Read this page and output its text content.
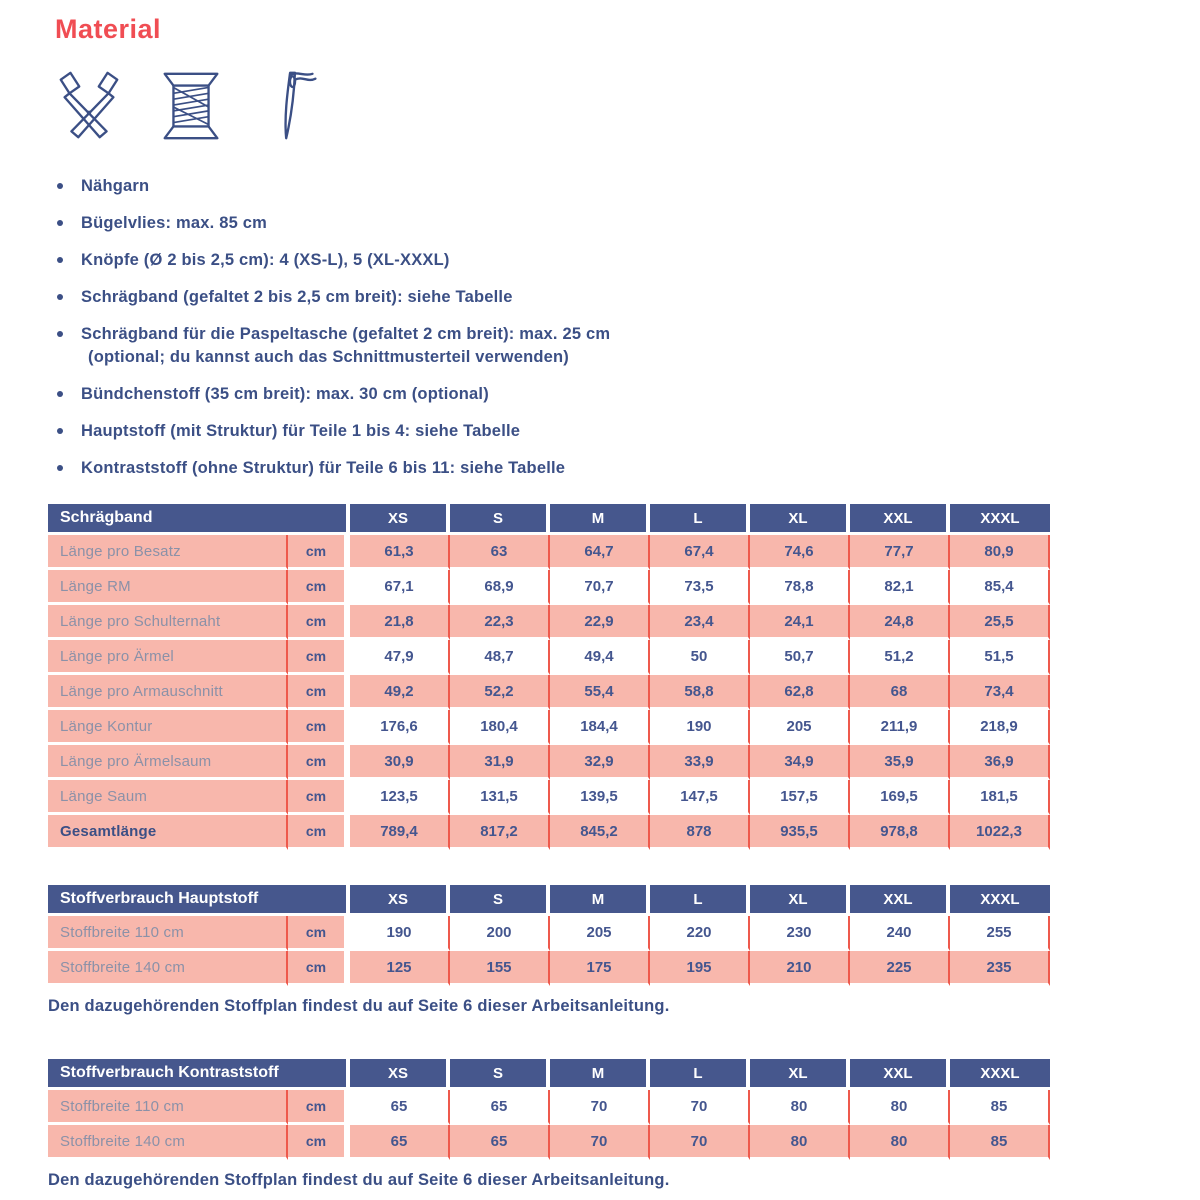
Material
Nähgarn
Bügelvlies: max. 85 cm
Knöpfe (Ø 2 bis 2,5 cm): 4 (XS-L), 5 (XL-XXXL)
Schrägband (gefaltet 2 bis 2,5 cm breit): siehe Tabelle
Schrägband für die Paspeltasche (gefaltet 2 cm breit): max. 25 cm
(optional; du kannst auch das Schnittmusterteil verwenden)
Bündchenstoff (35 cm breit): max. 30 cm (optional)
Hauptstoff (mit Struktur) für Teile 1 bis 4: siehe Tabelle
Kontraststoff (ohne Struktur) für Teile 6 bis 11: siehe Tabelle
Schrägband		XS	S	M	L	XL	XXL	XXXL
Länge pro Besatz	cm	61,3	63	64,7	67,4	74,6	77,7	80,9
Länge RM	cm	67,1	68,9	70,7	73,5	78,8	82,1	85,4
Länge pro Schulternaht	cm	21,8	22,3	22,9	23,4	24,1	24,8	25,5
Länge pro Ärmel	cm	47,9	48,7	49,4	50	50,7	51,2	51,5
Länge pro Armauschnitt	cm	49,2	52,2	55,4	58,8	62,8	68	73,4
Länge Kontur	cm	176,6	180,4	184,4	190	205	211,9	218,9
Länge pro Ärmelsaum	cm	30,9	31,9	32,9	33,9	34,9	35,9	36,9
Länge Saum	cm	123,5	131,5	139,5	147,5	157,5	169,5	181,5
Gesamtlänge	cm	789,4	817,2	845,2	878	935,5	978,8	1022,3
Stoffverbrauch Hauptstoff		XS	S	M	L	XL	XXL	XXXL
Stoffbreite 110 cm	cm	190	200	205	220	230	240	255
Stoffbreite 140 cm	cm	125	155	175	195	210	225	235

Den dazugehörenden Stoffplan findest du auf Seite 6 dieser Arbeitsanleitung.

Stoffverbrauch Kontraststoff		XS	S	M	L	XL	XXL	XXXL
Stoffbreite 110 cm	cm	65	65	70	70	80	80	85
Stoffbreite 140 cm	cm	65	65	70	70	80	80	85

Den dazugehörenden Stoffplan findest du auf Seite 6 dieser Arbeitsanleitung.
